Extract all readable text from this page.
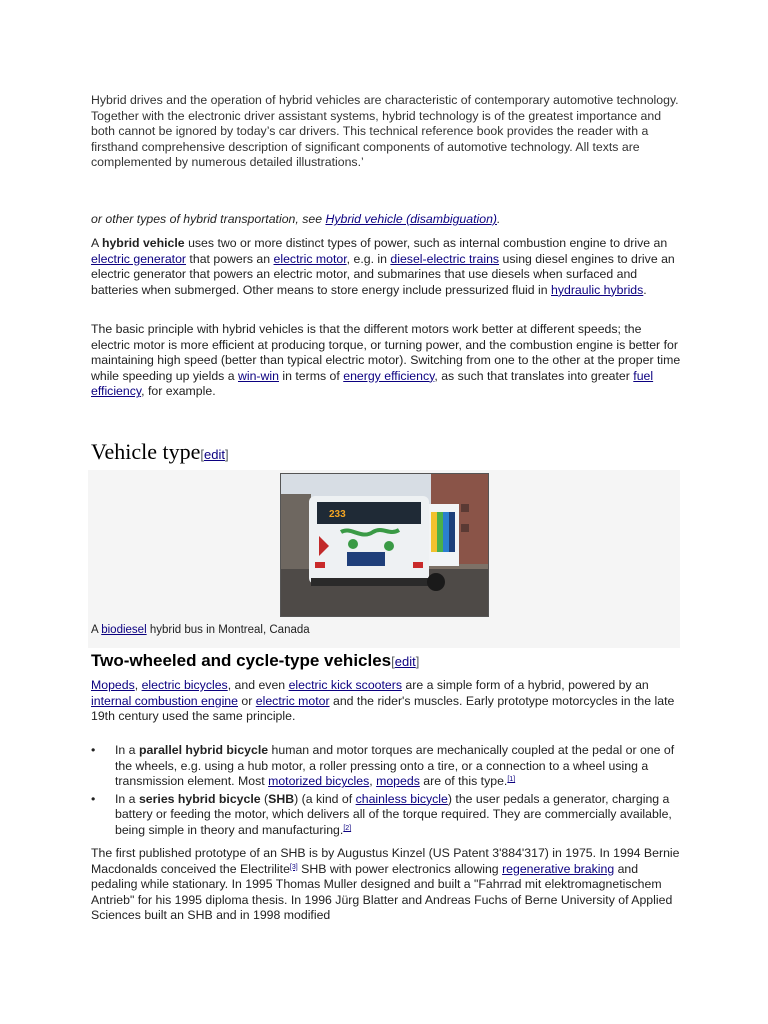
Hybrid drives and the operation of hybrid vehicles are characteristic of contemporary automotive technology. Together with the electronic driver assistant systems, hybrid technology is of the greatest importance and both cannot be ignored by today’s car drivers. This technical reference book provides the reader with a firsthand comprehensive description of significant components of automotive technology. All texts are complemented by numerous detailed illustrations.’

or other types of hybrid transportation, see Hybrid vehicle (disambiguation).

A hybrid vehicle uses two or more distinct types of power, such as internal combustion engine to drive an electric generator that powers an electric motor, e.g. in diesel-electric trains using diesel engines to drive an electric generator that powers an electric motor, and submarines that use diesels when surfaced and batteries when submerged. Other means to store energy include pressurized fluid in hydraulic hybrids.

The basic principle with hybrid vehicles is that the different motors work better at different speeds; the electric motor is more efficient at producing torque, or turning power, and the combustion engine is better for maintaining high speed (better than typical electric motor). Switching from one to the other at the proper time while speeding up yields a win-win in terms of energy efficiency, as such that translates into greater fuel efficiency, for example.

Vehicle type[edit]
233

A biodiesel hybrid bus in Montreal, Canada

Two-wheeled and cycle-type vehicles[edit]

Mopeds, electric bicycles, and even electric kick scooters are a simple form of a hybrid, powered by an internal combustion engine or electric motor and the rider's muscles. Early prototype motorcycles in the late 19th century used the same principle.

• In a parallel hybrid bicycle human and motor torques are mechanically coupled at the pedal or one of the wheels, e.g. using a hub motor, a roller pressing onto a tire, or a connection to a wheel using a transmission element. Most motorized bicycles, mopeds are of this type.[1]
• In a series hybrid bicycle (SHB) (a kind of chainless bicycle) the user pedals a generator, charging a battery or feeding the motor, which delivers all of the torque required. They are commercially available, being simple in theory and manufacturing.[2]

The first published prototype of an SHB is by Augustus Kinzel (US Patent 3'884'317) in 1975. In 1994 Bernie Macdonalds conceived the Electrilite[3] SHB with power electronics allowing regenerative braking and pedaling while stationary. In 1995 Thomas Muller designed and built a "Fahrrad mit elektromagnetischem Antrieb" for his 1995 diploma thesis. In 1996 Jürg Blatter and Andreas Fuchs of Berne University of Applied Sciences built an SHB and in 1998 modified
